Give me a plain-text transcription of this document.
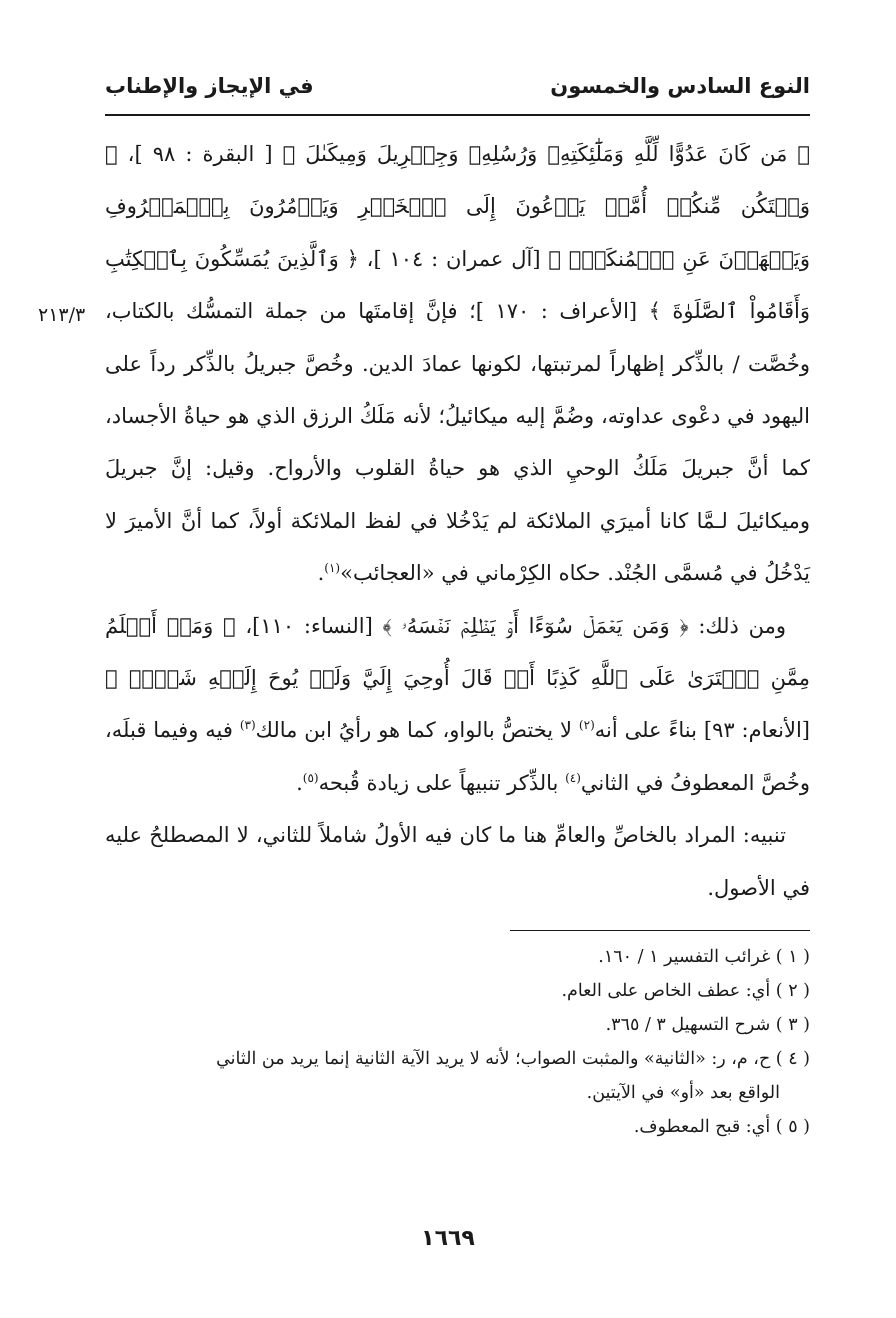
النوع السادس والخمسون
في الإيجاز والإطناب
٢١٣/٣

﴿ مَن كَانَ عَدُوًّا لِّلَّهِ وَمَلَٰٓئِكَتِهِۦ وَرُسُلِهِۦ وَجِبۡرِيلَ وَمِيكَىٰلَ ﴾ [ البقرة : ٩٨ ]، ﴿ وَلۡتَكُن مِّنكُمۡ أُمَّةٞ يَدۡعُونَ إِلَى ٱلۡخَيۡرِ وَيَأۡمُرُونَ بِٱلۡمَعۡرُوفِ وَيَنۡهَوۡنَ عَنِ ٱلۡمُنكَرِۚ ﴾ [آل عمران : ١٠٤ ]، ﴿ وَٱلَّذِينَ يُمَسِّكُونَ بِٱلۡكِتَٰبِ وَأَقَامُواْ ٱلصَّلَوٰةَ ﴾ [الأعراف : ١٧٠ ]؛ فإنَّ إقامتَها من جملة التمسُّك بالكتاب، وخُصَّت / بالذِّكر إظهاراً لمرتبتها، لكونها عمادَ الدين. وخُصَّ جبريلُ بالذِّكر رداً على اليهود في دعْوى عداوته، وضُمَّ إليه ميكائيلُ؛ لأنه مَلَكُ الرزق الذي هو حياةُ الأجساد، كما أنَّ جبريلَ مَلَكُ الوحيِ الذي هو حياةُ القلوب والأرواح. وقيل: إنَّ جبريلَ وميكائيلَ لـمَّا كانا أميرَي الملائكة لم يَدْخُلا في لفظ الملائكة أولاً، كما أنَّ الأميرَ لا يَدْخُلُ في مُسمَّى الجُنْد. حكاه الكِرْماني في «العجائب»$^{(١)}$.

ومن ذلك: ﴿ وَمَن يَعۡمَلۡ سُوٓءًا أَوۡ يَظۡلِمۡ نَفۡسَهُۥ ﴾ [النساء: ١١٠]، ﴿ وَمَنۡ أَظۡلَمُ مِمَّنِ ٱفۡتَرَىٰ عَلَى ٱللَّهِ كَذِبًا أَوۡ قَالَ أُوحِيَ إِلَيَّ وَلَمۡ يُوحَ إِلَيۡهِ شَيۡءٞ ﴾ [الأنعام: ٩٣] بناءً على أنه$^{(٢)}$ لا يختصُّ بالواو، كما هو رأيُ ابن مالك$^{(٣)}$ فيه وفيما قبلَه، وخُصَّ المعطوفُ في الثاني$^{(٤)}$ بالذِّكر تنبيهاً على زيادة قُبحه$^{(٥)}$.

تنبيه: المراد بالخاصِّ والعامِّ هنا ما كان فيه الأولُ شاملاً للثاني، لا المصطلحُ عليه في الأصول.

( ١ ) غرائب التفسير ١ / ١٦٠.

( ٢ ) أي: عطف الخاص على العام.

( ٣ ) شرح التسهيل ٣ / ٣٦٥.

( ٤ ) ح، م، ر: «الثانية» والمثبت الصواب؛ لأنه لا يريد الآية الثانية إنما يريد من الثاني

الواقع بعد «أو» في الآيتين.

( ٥ ) أي: قبح المعطوف.

١٦٦٩
